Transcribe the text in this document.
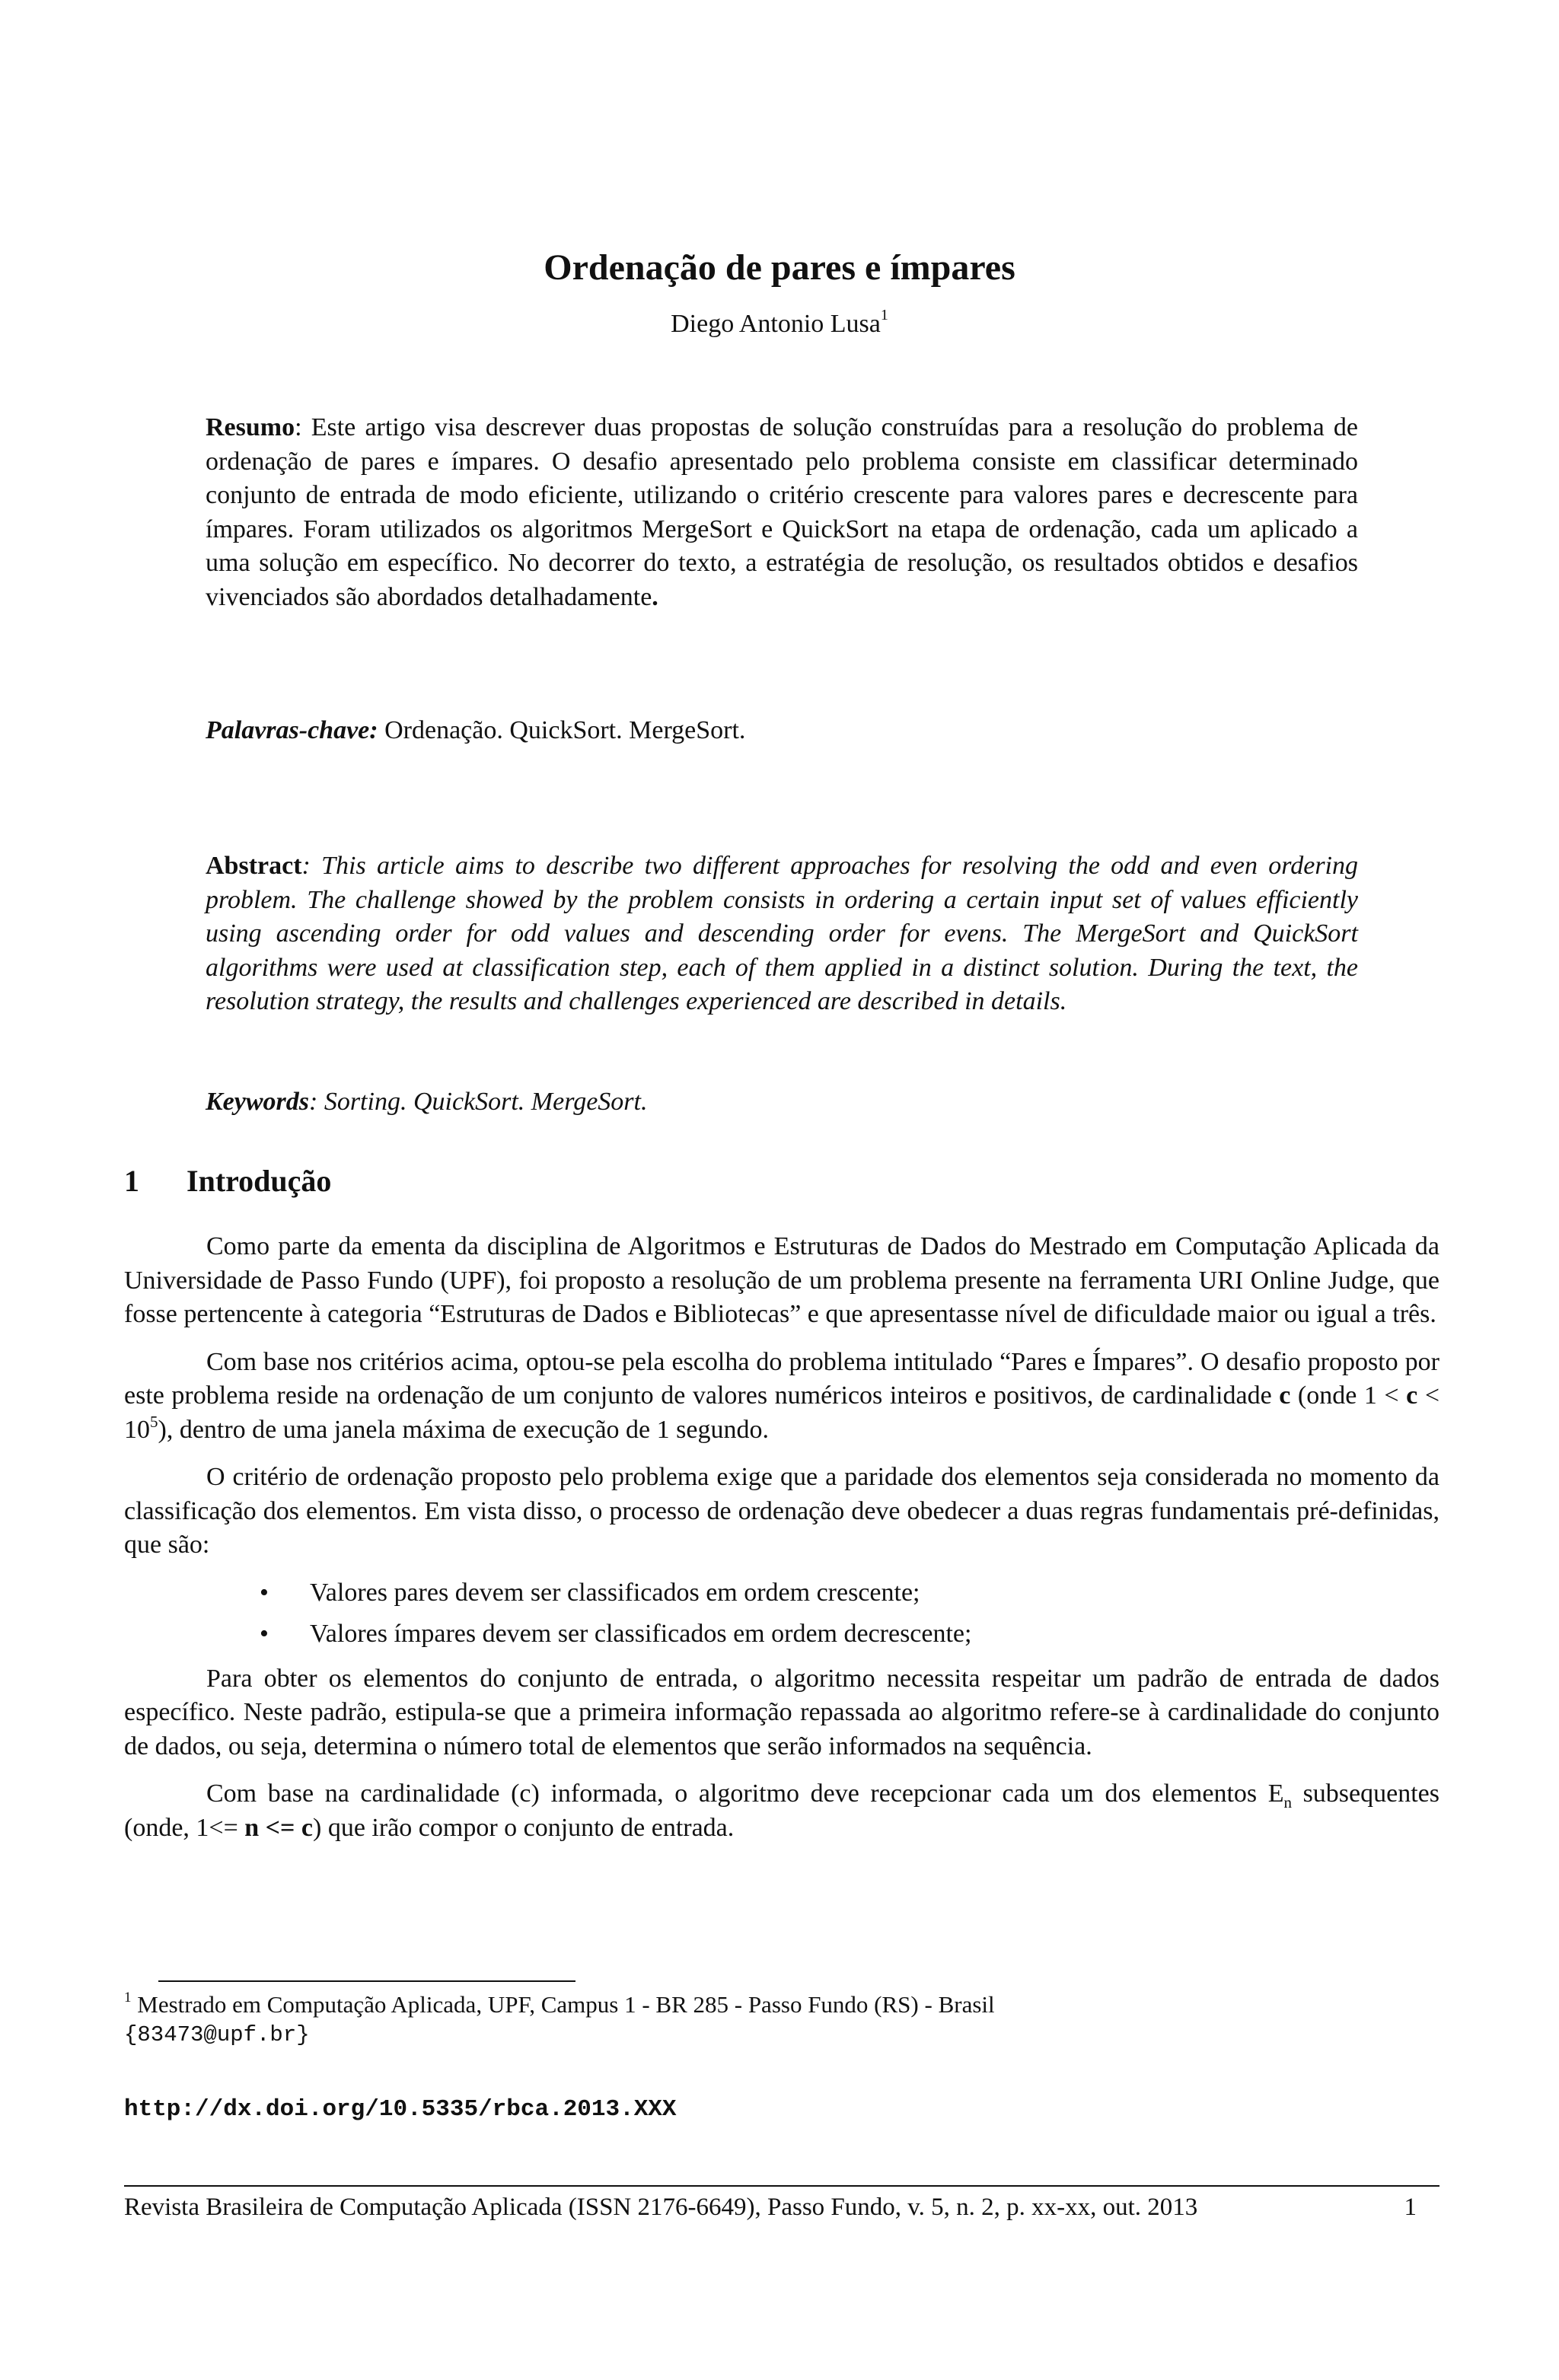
Ordenação de pares e ímpares
Diego Antonio Lusa$^1$

Resumo: Este artigo visa descrever duas propostas de solução construídas para a resolução do problema de ordenação de pares e ímpares. O desafio apresentado pelo problema consiste em classificar determinado conjunto de entrada de modo eficiente, utilizando o critério crescente para valores pares e decrescente para ímpares. Foram utilizados os algoritmos MergeSort e QuickSort na etapa de ordenação, cada um aplicado a uma solução em específico. No decorrer do texto, a estratégia de resolução, os resultados obtidos e desafios vivenciados são abordados detalhadamente.

Palavras-chave: Ordenação. QuickSort. MergeSort.

Abstract: This article aims to describe two different approaches for resolving the odd and even ordering problem. The challenge showed by the problem consists in ordering a certain input set of values efficiently using ascending order for odd values and descending order for evens. The MergeSort and QuickSort algorithms were used at classification step, each of them applied in a distinct solution. During the text, the resolution strategy, the results and challenges experienced are described in details.

Keywords: Sorting. QuickSort. MergeSort.

1 Introdução

Como parte da ementa da disciplina de Algoritmos e Estruturas de Dados do Mestrado em Computação Aplicada da Universidade de Passo Fundo (UPF), foi proposto a resolução de um problema presente na ferramenta URI Online Judge, que fosse pertencente à categoria “Estruturas de Dados e Bibliotecas” e que apresentasse nível de dificuldade maior ou igual a três.

Com base nos critérios acima, optou-se pela escolha do problema intitulado “Pares e Ímpares”. O desafio proposto por este problema reside na ordenação de um conjunto de valores numéricos inteiros e positivos, de cardinalidade c (onde $1 < c < 10^5$), dentro de uma janela máxima de execução de 1 segundo.

O critério de ordenação proposto pelo problema exige que a paridade dos elementos seja considerada no momento da classificação dos elementos. Em vista disso, o processo de ordenação deve obedecer a duas regras fundamentais pré-definidas, que são:

• Valores pares devem ser classificados em ordem crescente;
• Valores ímpares devem ser classificados em ordem decrescente;

Para obter os elementos do conjunto de entrada, o algoritmo necessita respeitar um padrão de entrada de dados específico. Neste padrão, estipula-se que a primeira informação repassada ao algoritmo refere-se à cardinalidade do conjunto de dados, ou seja, determina o número total de elementos que serão informados na sequência.

Com base na cardinalidade (c) informada, o algoritmo deve recepcionar cada um dos elementos $E_n$ subsequentes (onde, 1<= n <= c) que irão compor o conjunto de entrada.

$^1$ Mestrado em Computação Aplicada, UPF, Campus 1 - BR 285 - Passo Fundo (RS) - Brasil
{83473@upf.br}
http://dx.doi.org/10.5335/rbca.2013.XXX
Revista Brasileira de Computação Aplicada (ISSN 2176-6649), Passo Fundo, v. 5, n. 2, p. xx-xx, out. 2013	1
